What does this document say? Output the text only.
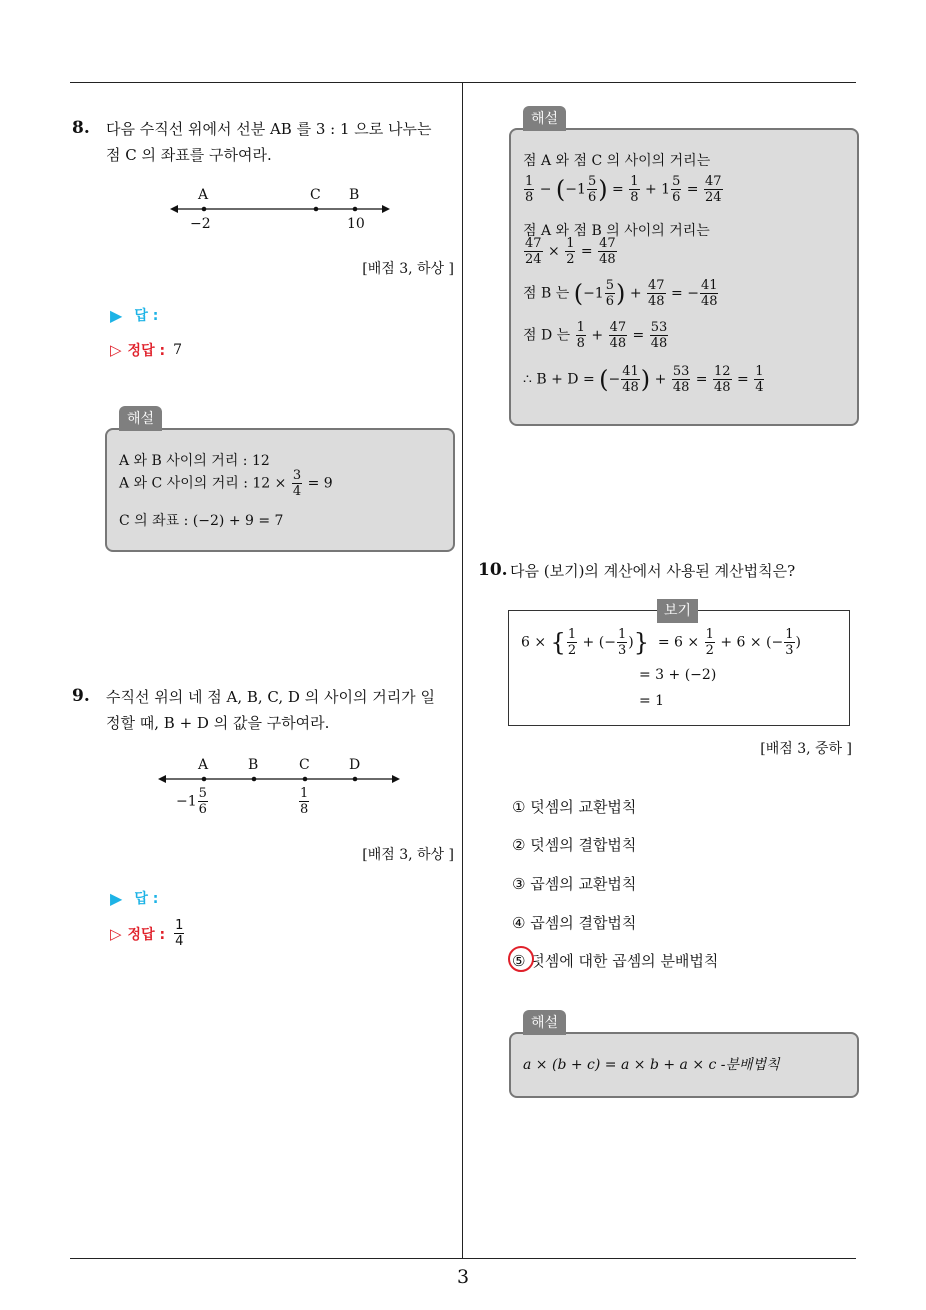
3
8. 다음 수직선 위에서 선분 AB 를 3 : 1 으로 나누는
점 C 의 좌표를 구하여라.
A	C B
−2	10
[배점 3, 하상 ]
▶ 답 :
▷ 정답 : 7
해설
A 와 B 사이의 거리 : 12
A 와 C 사이의 거리 : $12 \times \frac{3}{4} = 9$
C 의 좌표 : (−2) + 9 = 7
9. 수직선 위의 네 점 A, B, C, D 의 사이의 거리가 일
정할 때, B + D 의 값을 구하여라.
A	B	C	D
$-1 \frac{5}{6}$	$\frac{1}{8}$
[배점 3, 하상 ]
▶ 답 :
▷ 정답 : $\frac{1}{4}$
해설
점 A 와 점 C 의 사이의 거리는
$\frac{1}{8} - (-1 \frac{5}{6}$ ) = $\frac{1}{8} + 1 \frac{5}{6} = \frac{47}{24}$
점 A 와 점 B 의 사이의 거리는
$\frac{47}{24} \times \frac{1}{2} = \frac{47}{48}$
점 B 는 ($-1 \frac{5}{6}$ ) + $\frac{47}{48}$ = − $\frac{41}{48}$
점 D 는 $\frac{1}{8} + \frac{47}{48} = \frac{53}{48}$
∴ B + D = (− $\frac{41}{48}$ ) + $\frac{53}{48} = \frac{12}{48} = \frac{1}{4}$
10. 다음 (보기)의 계산에서 사용된 계산법칙은?
보기
6 × { $\frac{1}{2}$ + (− $\frac{1}{3}$ )}  = $6 \times \frac{1}{2} + 6$ × (− $\frac{1}{3}$ )
= 3 + (−2)
= 1
[배점 3, 중하 ]
① 덧셈의 교환법칙
② 덧셈의 결합법칙
③ 곱셈의 교환법칙
④ 곱셈의 결합법칙
⑤ 덧셈에 대한 곱셈의 분배법칙
해설
a × (b + c) = a × b + a × c -분배법칙
